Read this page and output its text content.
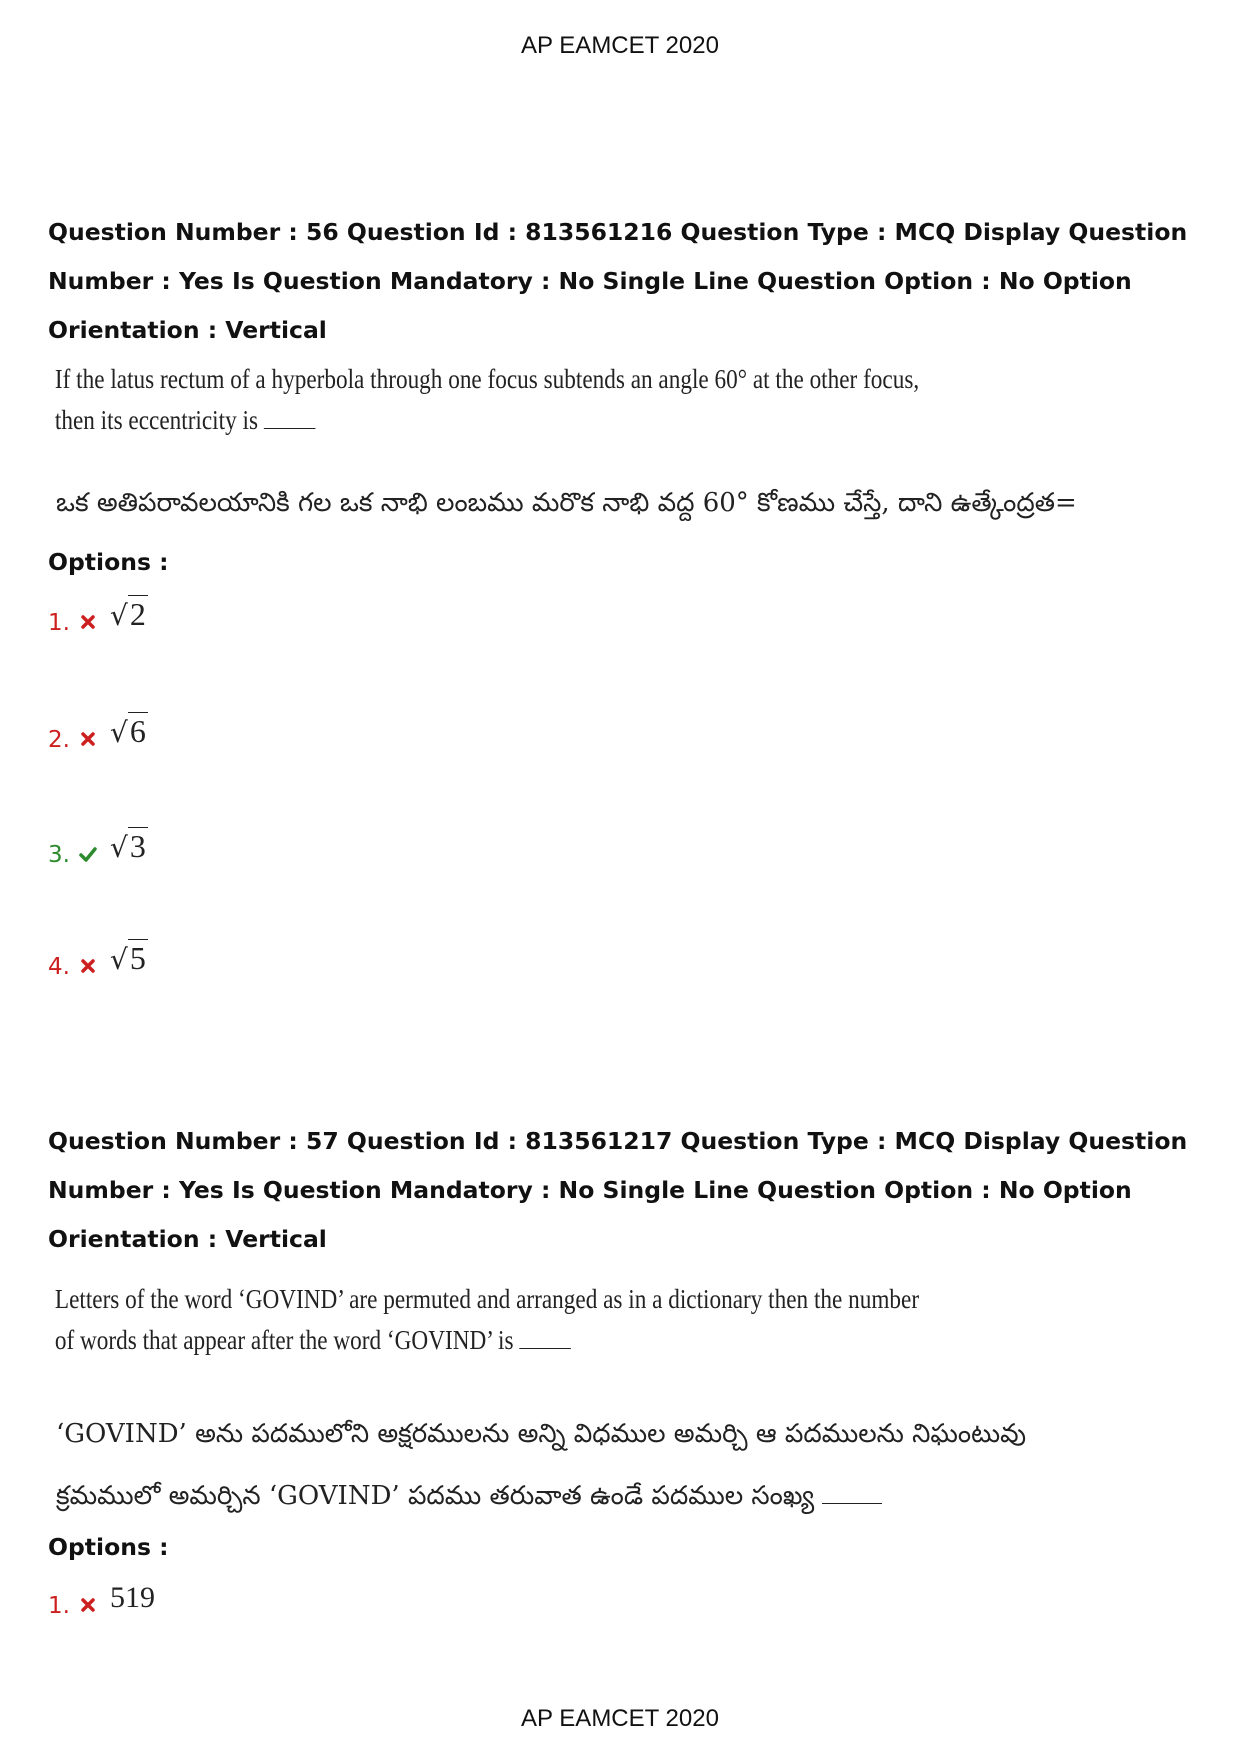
AP EAMCET 2020

Question Number : 56 Question Id : 813561216 Question Type : MCQ Display Question

Number : Yes Is Question Mandatory : No Single Line Question Option : No Option

Orientation : Vertical

If the latus rectum of a hyperbola through one focus subtends an angle 60° at the other focus,

then its eccentricity is

ఒక అతిపరావలయానికి గల ఒక నాభి లంబము మరొక నాభి వద్ద 60° కోణము చేస్తే, దాని ఉత్కేంద్రత=

Options :

1. √2
2. √6
3. √3
4. √5

Question Number : 57 Question Id : 813561217 Question Type : MCQ Display Question

Number : Yes Is Question Mandatory : No Single Line Question Option : No Option

Orientation : Vertical

Letters of the word ‘GOVIND’ are permuted and arranged as in a dictionary then the number

of words that appear after the word ‘GOVIND’ is

‘GOVIND’ అను పదములోని అక్షరములను అన్ని విధముల అమర్చి ఆ పదములను నిఘంటువు

క్రమములో అమర్చిన ‘GOVIND’ పదము తరువాత ఉండే పదముల సంఖ్య

Options :

1. 519
AP EAMCET 2020
